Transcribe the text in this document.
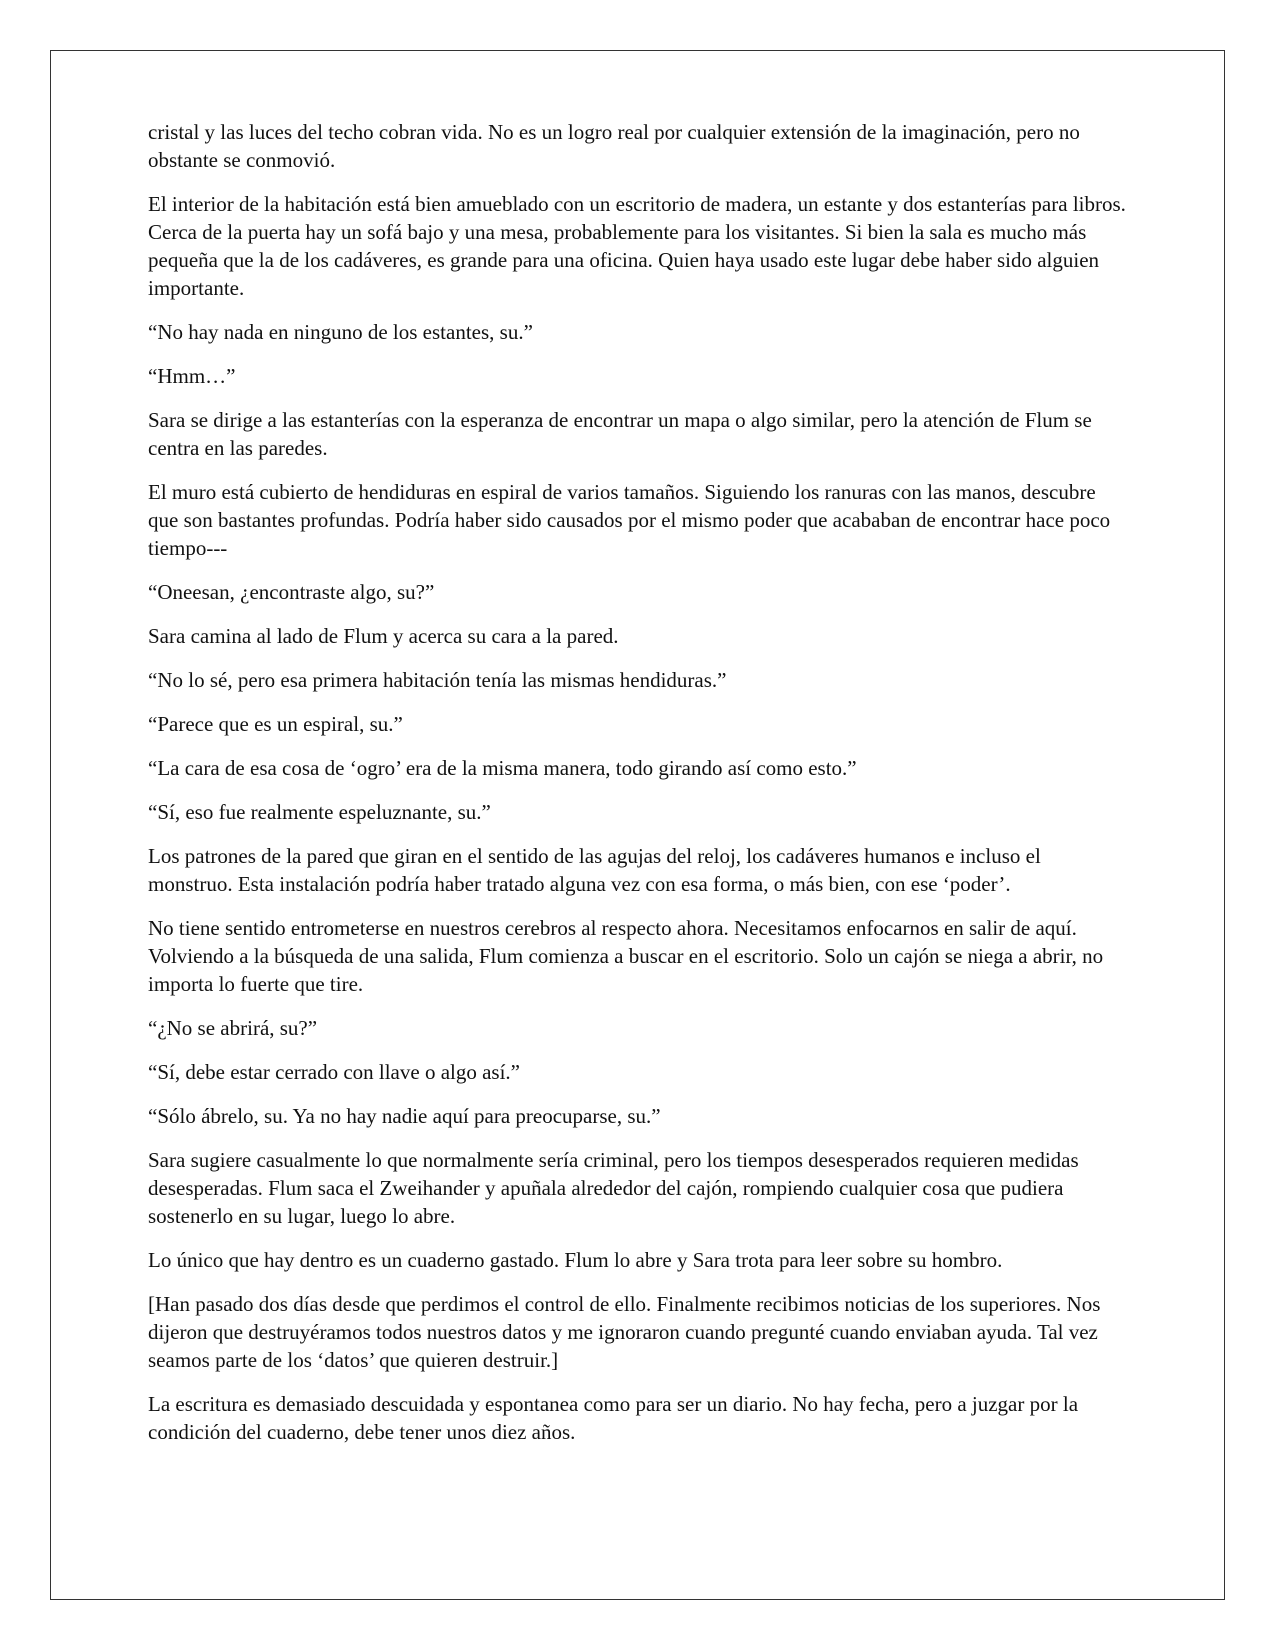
cristal y las luces del techo cobran vida. No es un logro real por cualquier extensión de la imaginación, pero no obstante se conmovió.

El interior de la habitación está bien amueblado con un escritorio de madera, un estante y dos estanterías para libros. Cerca de la puerta hay un sofá bajo y una mesa, probablemente para los visitantes. Si bien la sala es mucho más pequeña que la de los cadáveres, es grande para una oficina. Quien haya usado este lugar debe haber sido alguien importante.

“No hay nada en ninguno de los estantes, su.”

“Hmm…”

Sara se dirige a las estanterías con la esperanza de encontrar un mapa o algo similar, pero la atención de Flum se centra en las paredes.

El muro está cubierto de hendiduras en espiral de varios tamaños. Siguiendo los ranuras con las manos, descubre que son bastantes profundas. Podría haber sido causados por el mismo poder que acababan de encontrar hace poco tiempo---

“Oneesan, ¿encontraste algo, su?”

Sara camina al lado de Flum y acerca su cara a la pared.

“No lo sé, pero esa primera habitación tenía las mismas hendiduras.”

“Parece que es un espiral, su.”

“La cara de esa cosa de ‘ogro’ era de la misma manera, todo girando así como esto.”

“Sí, eso fue realmente espeluznante, su.”

Los patrones de la pared que giran en el sentido de las agujas del reloj, los cadáveres humanos e incluso el monstruo. Esta instalación podría haber tratado alguna vez con esa forma, o más bien, con ese ‘poder’.

No tiene sentido entrometerse en nuestros cerebros al respecto ahora. Necesitamos enfocarnos en salir de aquí. Volviendo a la búsqueda de una salida, Flum comienza a buscar en el escritorio. Solo un cajón se niega a abrir, no importa lo fuerte que tire.

“¿No se abrirá, su?”

“Sí, debe estar cerrado con llave o algo así.”

“Sólo ábrelo, su. Ya no hay nadie aquí para preocuparse, su.”

Sara sugiere casualmente lo que normalmente sería criminal, pero los tiempos desesperados requieren medidas desesperadas. Flum saca el Zweihander y apuñala alrededor del cajón, rompiendo cualquier cosa que pudiera sostenerlo en su lugar, luego lo abre.

Lo único que hay dentro es un cuaderno gastado. Flum lo abre y Sara trota para leer sobre su hombro.

[Han pasado dos días desde que perdimos el control de ello. Finalmente recibimos noticias de los superiores. Nos dijeron que destruyéramos todos nuestros datos y me ignoraron cuando pregunté cuando enviaban ayuda. Tal vez seamos parte de los ‘datos’ que quieren destruir.]

La escritura es demasiado descuidada y espontanea como para ser un diario. No hay fecha, pero a juzgar por la condición del cuaderno, debe tener unos diez años.
